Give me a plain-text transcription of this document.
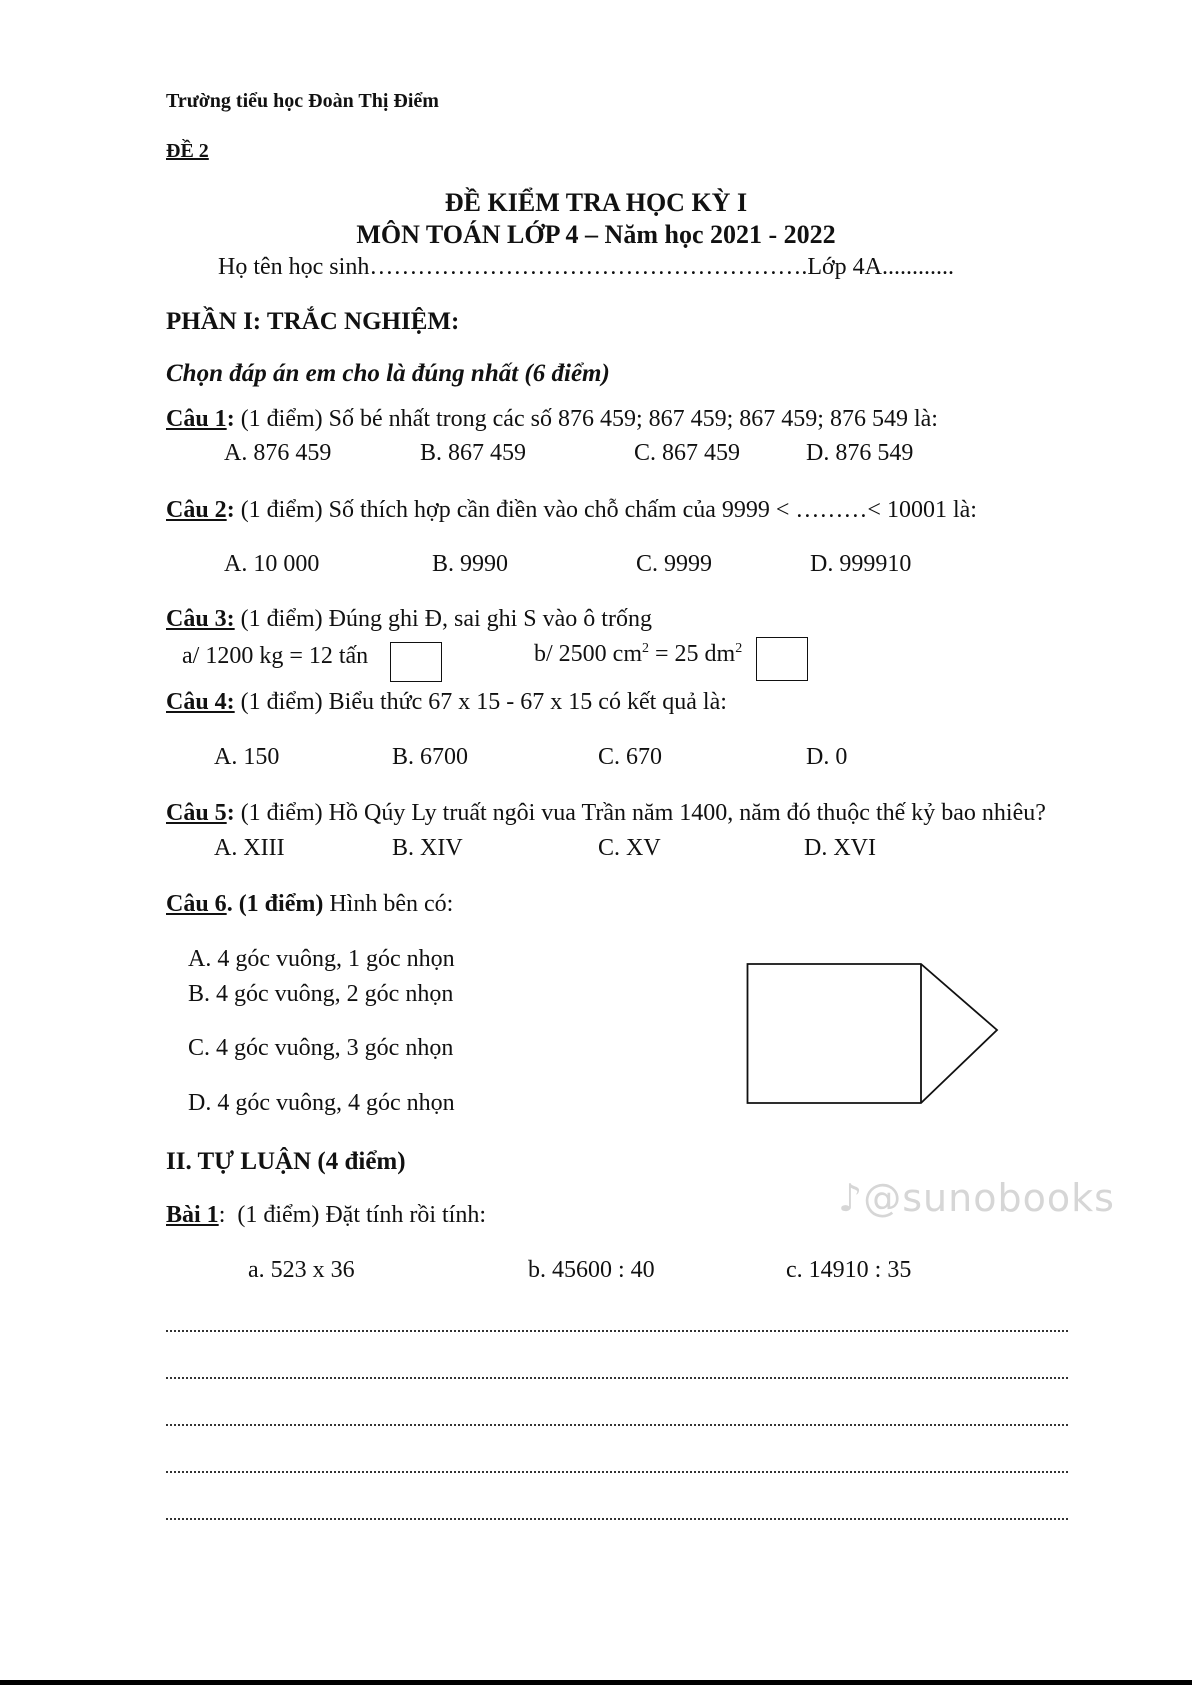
Trường tiểu học Đoàn Thị Điểm
ĐỀ 2
ĐỀ KIỂM TRA HỌC KỲ I
MÔN TOÁN LỚP 4 – Năm học 2021 - 2022
Họ tên học sinh……………………………………………….Lớp 4A............
PHẦN I: TRẮC NGHIỆM:
Chọn đáp án em cho là đúng nhất (6 điểm)
Câu 1: (1 điểm) Số bé nhất trong các số 876 459; 867 459; 867 459; 876 549 là:
A. 876 459	B. 867 459	C. 867 459	D. 876 549
Câu 2: (1 điểm) Số thích hợp cần điền vào chỗ chấm của 9999 < ………< 10001 là:
A. 10 000	B. 9990	C. 9999	D. 999910
Câu 3: (1 điểm) Đúng ghi Đ, sai ghi S vào ô trống
a/ 1200 kg = 12 tấn	b/ 2500 $cm^2 = 25$ $dm^2$
Câu 4: (1 điểm) Biểu thức 67 x 15 - 67 x 15 có kết quả là:
A. 150	B. 6700	C. 670	D. 0
Câu 5: (1 điểm) Hồ Qúy Ly truất ngôi vua Trần năm 1400, năm đó thuộc thế kỷ bao nhiêu?
A. XIII	B. XIV	C. XV	D. XVI
Câu 6. (1 điểm) Hình bên có:
A. 4 góc vuông, 1 góc nhọn
B. 4 góc vuông, 2 góc nhọn
C. 4 góc vuông, 3 góc nhọn
D. 4 góc vuông, 4 góc nhọn
II. TỰ LUẬN (4 điểm)
♪@sunobooks
Bài 1:  (1 điểm) Đặt tính rồi tính:
a. 523 x 36	b. 45600 : 40	c. 14910 : 35
